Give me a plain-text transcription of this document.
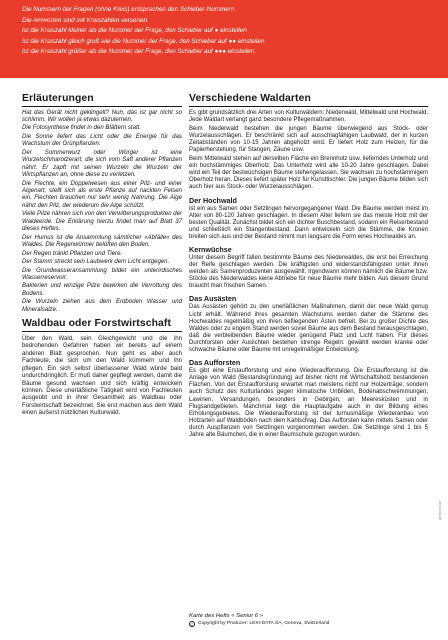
Die Nummern der Fragen (ohne Kreis) entsprechen den Schieber-Nummern.
Die Antworten sind mit Kreiszahlen versehen.
Ist die Kreiszahl kleiner als die Nummer der Frage, den Schieber auf ● einstellen.
Ist die Kreiszahl gleich groß wie die Nummer der Frage, den Schieber auf ●● einstellen.
Ist die Kreiszahl größer als die Nummer der Frage, den Schieber auf ●●● einstellen.
Erläuterungen

Hat das Gerät nicht geklingelt? Nun, das ist gar nicht so schlimm. Wir wollen ja etwas dazulernen.

Die Fotosynthese findet in den Blättern statt.

Die Sonne liefert das Licht oder die Energie für das Wachstum der Grünpflanzen.

Der Sommerwurz oder Würger ist eine Wurzelschmarotzerart, die sich vom Saft anderer Pflanzen nährt. Er zapft mit seinen Wurzeln die Wurzeln der Wirtspflanzen an, ohne diese zu verletzen.

Die Flechte, ein Doppelwesen aus einer Pilz- und einer Algenart, stellt sich als erste Pflanze auf nackten Felsen ein. Flechten brauchen nur sehr wenig Nahrung. Die Alge nährt den Pilz, der wiederum die Alge schützt.

Viele Pilze nähren sich von den Verwitterungsprodukten der Waldeerde. Die Erklärung hierzu findet man auf Blatt 37 dieses Heftes.

Der Humus ist die Ansammlung sämtlicher »Abfälle« des Waldes. Die Regenwürmer belüften den Boden.

Der Regen tränkt Pflanzen und Tiere.

Der Stamm streckt sein Laubwerk dem Licht entgegen.

Die Grundwasseransammlung bildet ein unterirdisches Wasserreservoir.

Bakterien und winzige Pilze bewirken die Verrottung des Bodens.

Die Wurzeln ziehen aus dem Erdboden Wasser und Mineralsalze.

Waldbau oder Forstwirtschaft

Über den Wald, sein Gleichgewicht und die ihn bedrohenden Gefahren haben wir bereits auf einem anderen Blatt gesprochen. Nun geht es aber auch Fachleute, die sich um den Wald kümmern und ihn pflegen. Ein sich selbst überlassener Wald würde bald undurchdringlich. Er muß daher gepflegt werden, damit die Bäume gesund wachsen und sich kräftig entwickeln können. Diese unerläßliche Tätigkeit wird von Fachleuten ausgeübt und in ihrer Gesamtheit als Waldbau oder Forstwirtschaft bezeichnet. Sie erst machen aus dem Wald einen äußerst nützlichen Kulturwald.

Verschiedene Waldarten

Es gibt grundsätzlich drei Arten von Kulturwäldern: Niederwald, Mittelwald und Hochwald. Jede Waldart verlangt ganz besondere Pflegemaßnahmen.

Beim Niederwald bestehen die jungen Bäume überwiegend aus Stock- oder Wurzelausschlägen. Er beschränkt sich auf ausschlagfähigen Laubwald, der in kurzen Zeitabständen von 10-15 Jahren abgeholzt wird. Er liefert Holz zum Heizen, für die Papierherstellung, für Stangen, Zäune usw.

Beim Mittelwald stehen auf derselben Fläche ein Brennholz usw. lieferndes Unterholz und ein hochstämmiges Oberholz. Das Unterholz wird alle 10-20 Jahre geschlagen. Dabei wird ein Teil der bestwüchsigen Bäume stehengelassen. Sie wachsen zu hochstämmigem Oberholz heran. Dieses liefert später Holz für Kunsttischler. Die jungen Bäume bilden sich auch hier aus Stock- oder Wurzelausschlägen.

Der Hochwald

ist ein aus Samen oder Setzlingen hervorgegangener Wald. Die Bäume werden meist im Alter von 80-120 Jahren geschlagen. In diesem Alter liefern sie das meiste Holz mit der besten Qualität. Zunächst bildet sich ein dichter Buschbestand, sodann ein Reiserbestand und schließlich ein Stangenbestand. Dann entwickeln sich die Stämme, die Kronen breiten sich aus und der Bestand nimmt nun langsam die Form eines Hochwaldes an.

Kernwüchse

Unter diesem Begriff fallen bestimmte Bäume des Niederwaldes, die erst bei Erreichung der Reife geschlagen werden. Die kräftigsten und widerstandsfähigsten unter ihnen werden als Samenproduzenten ausgewählt. Irgendwann können nämlich die Bäume bzw. Stöcke des Niederwaldes keine Abtriebe für neue Bäume mehr bilden. Aus diesem Grund braucht man frischen Samen.

Das Ausästen

Das Ausästen gehört zu den unerläßlichen Maßnahmen, damit der neue Wald genug Licht erhält. Während ihres gesamten Wachstums werden daher die Stämme des Hochwaldes regelmäßig von ihren tiefliegenden Ästen befreit. Bei zu großer Dichte des Waldes oder zu engem Stand werden soviel Bäume aus dem Bestand herausgeschlagen, daß die verbleibenden Bäume wieder genügend Platz und Licht haben. Für dieses Durchforsten oder Auslichten bestehen strenge Regeln: gewählt werden kranke oder schwache Bäume oder Bäume mit unregelmäßiger Entwicklung.

Das Aufforsten

Es gibt eine Erstaufforstung und eine Wiederaufforstung. Die Erstaufforstung ist die Anlage von Wald (Bestandsgründung) auf bisher nicht mit Wirtschaftsholz bestandenen Flächen. Von der Erstaufforstung erwartet man meistens nicht nur Holzerträge, sondern auch Schutz des Kulturlandes gegen klimatische Unbilden, Bodenabschwemmungen, Lawinen, Versandungen, besonders in Gebirgen, an Meeresküsten und in Flugsandgebieten. Manchmal liegt die Hauptaufgabe auch in der Bildung eines Erholungsgebietes. Die Wiederaufforstung ist der turnusmäßige Wiederanbau von Holzarten auf Waldböden nach dem Kahlschlag. Das Aufforsten kann mittels Samen oder durch Auspflanzen von Setzlingen vorgenommen werden. Die Setzlinge sind 1 bis 5 Jahre alte Bäumchen, die in einer Baumschule gezogen wurden.

Karte des Hefts « Senior 6 »
C Copyright by Producer: LEXI-DATA SA, Geneva, Switzerland
gedown.de
